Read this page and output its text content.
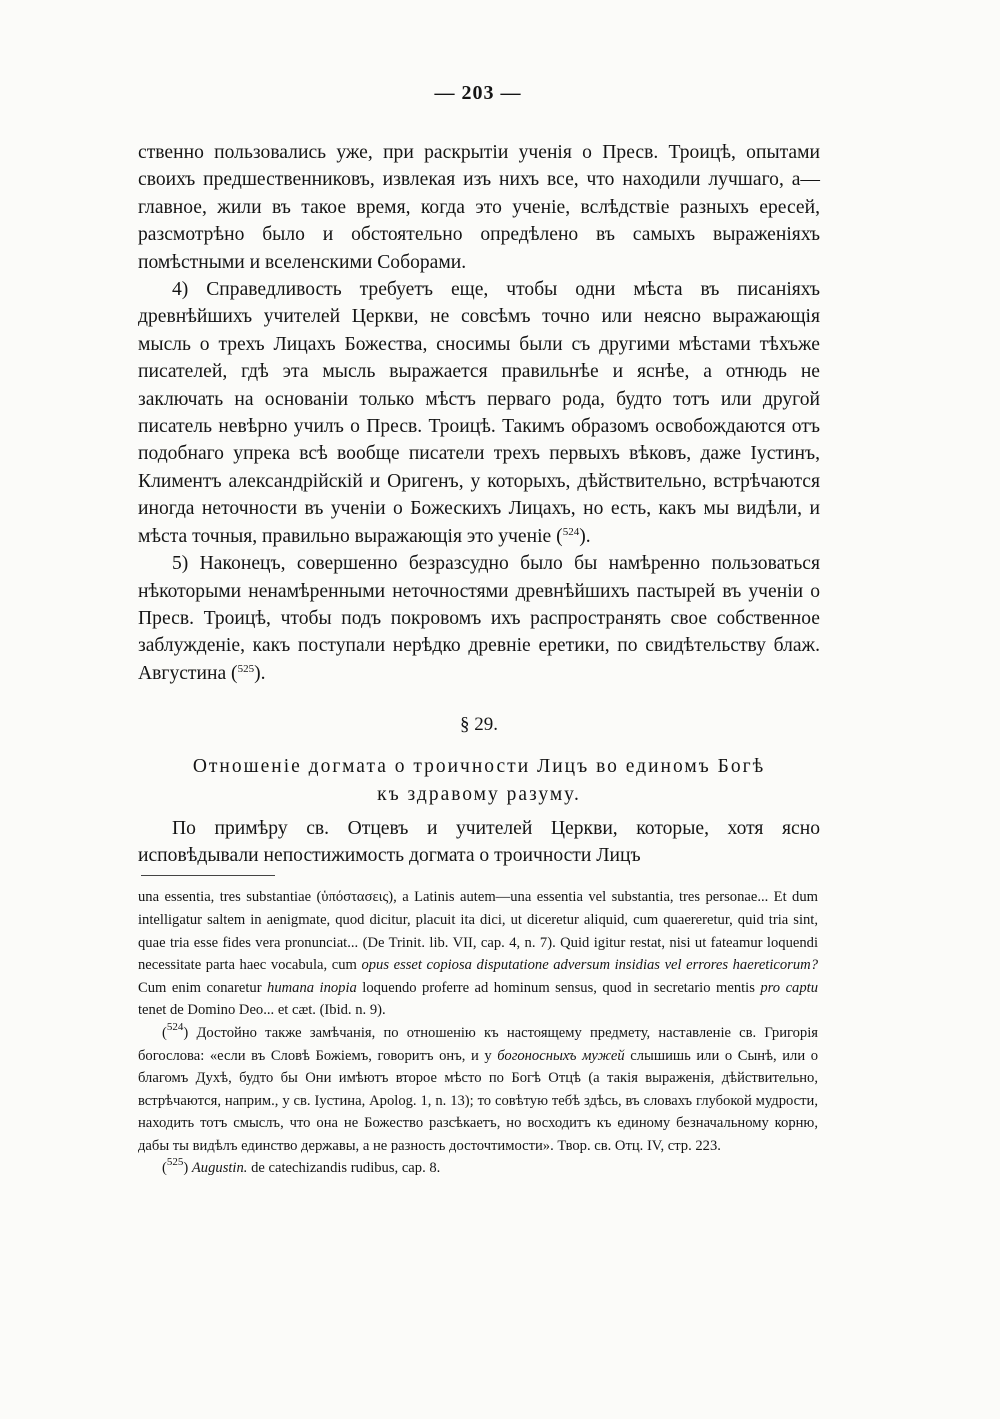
— 203 —

ственно пользовались уже, при раскрытіи ученія о Пресв. Троицѣ, опытами своихъ предшественниковъ, извлекая изъ нихъ все, что находили лучшаго, а—главное, жили въ такое время, когда это ученіе, вслѣдствіе разныхъ ересей, разсмотрѣно было и обстоятельно опредѣлено въ самыхъ выраженіяхъ помѣстными и вселенскими Соборами.

4) Справедливость требуетъ еще, чтобы одни мѣста въ писаніяхъ древнѣйшихъ учителей Церкви, не совсѣмъ точно или неясно выражающія мысль о трехъ Лицахъ Божества, сносимы были съ другими мѣстами тѣхъже писателей, гдѣ эта мысль выражается правильнѣе и яснѣе, а отнюдь не заключать на основаніи только мѣстъ перваго рода, будто тотъ или другой писатель невѣрно училъ о Пресв. Троицѣ. Такимъ образомъ освобождаются отъ подобнаго упрека всѣ вообще писатели трехъ первыхъ вѣковъ, даже Іустинъ, Климентъ александрійскій и Оригенъ, у которыхъ, дѣйствительно, встрѣчаются иногда неточности въ ученіи о Божескихъ Лицахъ, но есть, какъ мы видѣли, и мѣста точныя, правильно выражающія это ученіе ($^{524}$).

5) Наконецъ, совершенно безразсудно было бы намѣренно пользоваться нѣкоторыми ненамѣренными неточностями древнѣйшихъ пастырей въ ученіи о Пресв. Троицѣ, чтобы подъ покровомъ ихъ распространять свое собственное заблужденіе, какъ поступали нерѣдко древніе еретики, по свидѣтельству блаж. Августина ($^{525}$).

§ 29.
Отношеніе догмата о троичности Лицъ во единомъ Богѣ
къ здравому разуму.

По примѣру св. Отцевъ и учителей Церкви, которые, хотя ясно исповѣдывали непостижимость догмата о троичности Лицъ

una essentia, tres substantiae (ὑπόστασεις), a Latinis autem—una essentia vel substantia, tres personae... Et dum intelligatur saltem in aenigmate, quod dicitur, placuit ita dici, ut diceretur aliquid, cum quaereretur, quid tria sint, quae tria esse fides vera pronunciat... (De Trinit. lib. VII, cap. 4, n. 7). Quid igitur restat, nisi ut fateamur loquendi necessitate parta haec vocabula, cum opus esset copiosa disputatione adversum insidias vel errores haereticorum? Cum enim conaretur humana inopia loquendo proferre ad hominum sensus, quod in secretario mentis pro captu tenet de Domino Deo... et cæt. (Ibid. n. 9).

($^{524}$) Достойно также замѣчанія, по отношенію къ настоящему предмету, наставленіе св. Григорія богослова: «если въ Словѣ Божіемъ, говоритъ онъ, и у богоносныхъ мужей слышишь или о Сынѣ, или о благомъ Духѣ, будто бы Они имѣютъ второе мѣсто по Богѣ Отцѣ (а такія выраженія, дѣйствительно, встрѣчаются, наприм., у св. Іустина, Apolog. 1, n. 13); то совѣтую тебѣ здѣсь, въ словахъ глубокой мудрости, находить тотъ смыслъ, что она не Божество разсѣкаетъ, но восходитъ къ единому безначальному корню, дабы ты видѣлъ единство державы, а не разность досточтимости». Твор. св. Отц. IV, стр. 223.

($^{525}$) Augustin. de catechizandis rudibus, cap. 8.
